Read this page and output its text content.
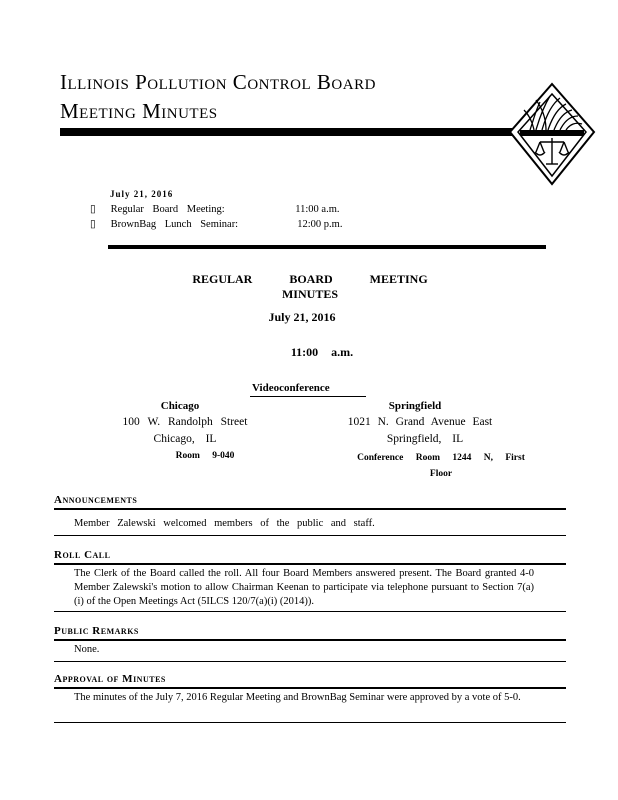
Illinois Pollution Control Board
Meeting Minutes
July 21, 2016
▯ Regular Board Meeting:	11:00 a.m.
▯ BrownBag Lunch Seminar:	12:00 p.m.
REGULAR BOARD MEETING MINUTES
July 21, 2016
11:00 a.m.
Videoconference
Chicago
100 W. Randolph Street
Chicago, IL
Room 9-040
Springfield
1021 N. Grand Avenue East
Springfield, IL
Conference Room 1244 N, First Floor
Announcements
Member Zalewski welcomed members of the public and staff.
Roll Call
The Clerk of the Board called the roll. All four Board Members answered present. The Board granted 4-0 Member Zalewski's motion to allow Chairman Keenan to participate via telephone pursuant to Section 7(a)(i) of the Open Meetings Act (5ILCS 120/7(a)(i) (2014)).
Public Remarks
None.
Approval of Minutes
The minutes of the July 7, 2016 Regular Meeting and BrownBag Seminar were approved by a vote of 5-0.
